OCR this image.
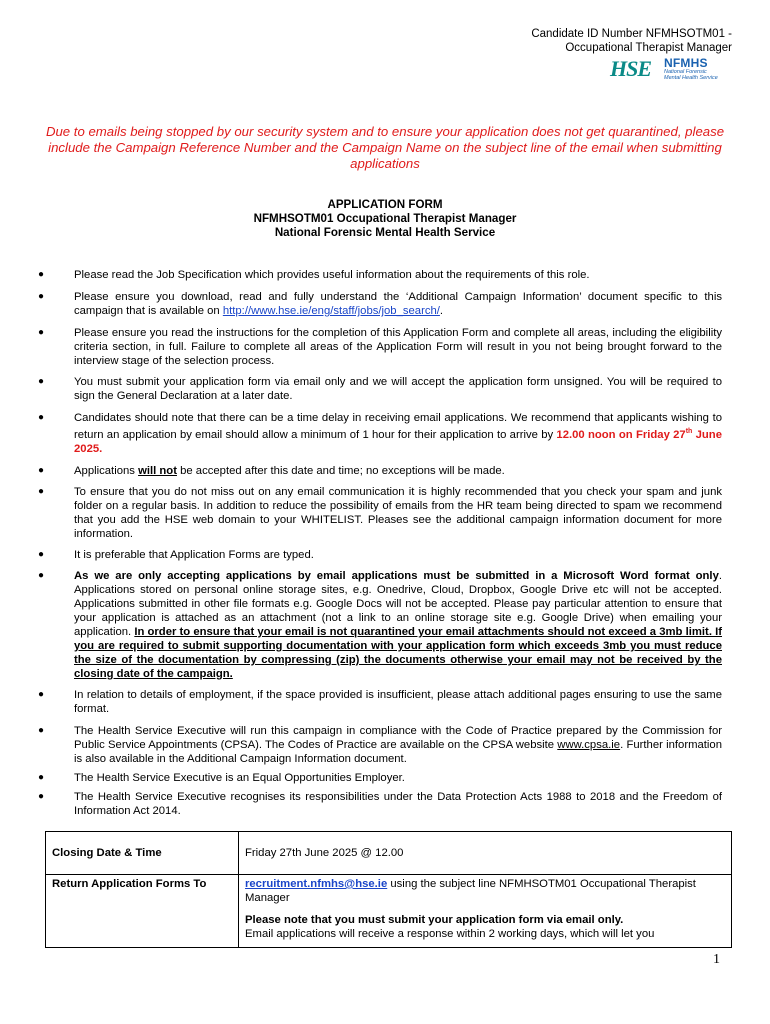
Candidate ID Number NFMHSOTM01 -
Occupational Therapist Manager
HSE NFMHS
National Forensic
Mental Health Service
Due to emails being stopped by our security system and to ensure your application does not get quarantined, please include the Campaign Reference Number and the Campaign Name on the subject line of the email when submitting applications
APPLICATION FORM
NFMHSOTM01 Occupational Therapist Manager
National Forensic Mental Health Service
●	Please read the Job Specification which provides useful information about the requirements of this role.
●	Please ensure you download, read and fully understand the ‘Additional Campaign Information’ document specific to this campaign that is available on http://www.hse.ie/eng/staff/jobs/job_search/.
●	Please ensure you read the instructions for the completion of this Application Form and complete all areas, including the eligibility criteria section, in full. Failure to complete all areas of the Application Form will result in you not being brought forward to the interview stage of the selection process.
●	You must submit your application form via email only and we will accept the application form unsigned. You will be required to sign the General Declaration at a later date.
●	Candidates should note that there can be a time delay in receiving email applications. We recommend that applicants wishing to return an application by email should allow a minimum of 1 hour for their application to arrive by 12.00 noon on Friday 27th June 2025.
●	Applications will not be accepted after this date and time; no exceptions will be made.
●	To ensure that you do not miss out on any email communication it is highly recommended that you check your spam and junk folder on a regular basis. In addition to reduce the possibility of emails from the HR team being directed to spam we recommend that you add the HSE web domain to your WHITELIST. Pleases see the additional campaign information document for more information.
●	It is preferable that Application Forms are typed.
●	As we are only accepting applications by email applications must be submitted in a Microsoft Word format only. Applications stored on personal online storage sites, e.g. Onedrive, Cloud, Dropbox, Google Drive etc will not be accepted. Applications submitted in other file formats e.g. Google Docs will not be accepted. Please pay particular attention to ensure that your application is attached as an attachment (not a link to an online storage site e.g. Google Drive) when emailing your application. In order to ensure that your email is not quarantined your email attachments should not exceed a 3mb limit. If you are required to submit supporting documentation with your application form which exceeds 3mb you must reduce the size of the documentation by compressing (zip) the documents otherwise your email may not be received by the closing date of the campaign.
●	In relation to details of employment, if the space provided is insufficient, please attach additional pages ensuring to use the same format.
●	The Health Service Executive will run this campaign in compliance with the Code of Practice prepared by the Commission for Public Service Appointments (CPSA). The Codes of Practice are available on the CPSA website www.cpsa.ie. Further information is also available in the Additional Campaign Information document.
●	The Health Service Executive is an Equal Opportunities Employer.
●	The Health Service Executive recognises its responsibilities under the Data Protection Acts 1988 to 2018 and the Freedom of Information Act 2014.
Closing Date & Time	Friday 27th June 2025 @ 12.00
Return Application Forms To	recruitment.nfmhs@hse.ie using the subject line NFMHSOTM01 Occupational Therapist Manager
Please note that you must submit your application form via email only.
Email applications will receive a response within 2 working days, which will let you
1
